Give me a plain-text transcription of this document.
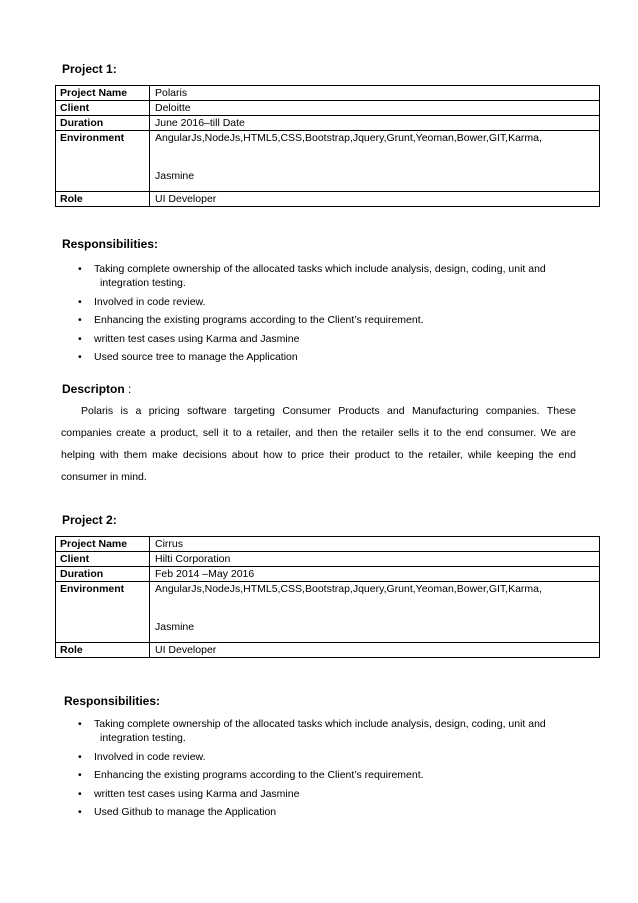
Project 1:
Project Name	Polaris
Client	Deloitte
Duration	June 2016–till Date
Environment	AngularJs,NodeJs,HTML5,CSS,Bootstrap,Jquery,Grunt,Yeoman,Bower,GIT,Karma,
Jasmine

Role	UI Developer
Responsibilities:
• Taking complete ownership of the allocated tasks which include analysis, design, coding, unit and
integration testing.
• Involved in code review.
• Enhancing the existing programs according to the Client’s requirement.
• written test cases using Karma and Jasmine
• Used source tree to manage the Application
Descripton :
Polaris is a pricing software targeting Consumer Products and Manufacturing companies. These companies create a product, sell it to a retailer, and then the retailer sells it to the end consumer. We are helping with them make decisions about how to price their product to the retailer, while keeping the end consumer in mind.
Project 2:
Project Name	Cirrus
Client	Hilti Corporation
Duration	Feb 2014 –May 2016
Environment	AngularJs,NodeJs,HTML5,CSS,Bootstrap,Jquery,Grunt,Yeoman,Bower,GIT,Karma,
Jasmine

Role	UI Developer
Responsibilities:
• Taking complete ownership of the allocated tasks which include analysis, design, coding, unit and
integration testing.
• Involved in code review.
• Enhancing the existing programs according to the Client’s requirement.
• written test cases using Karma and Jasmine
• Used Github to manage the Application
